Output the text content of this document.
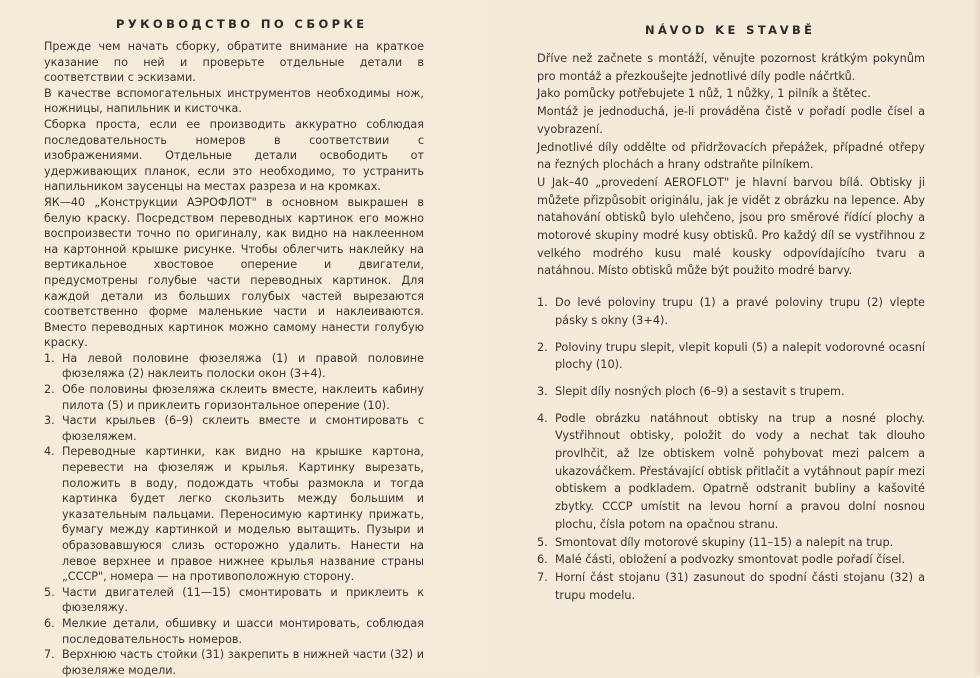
РУКОВОДСТВО ПО СБОРКЕ

Прежде чем начать сборку, обратите внимание на краткое указание по ней и проверьте отдельные детали в соответствии с эскизами.

В качестве вспомогательных инструментов необходимы нож, ножницы, напильник и кисточка.

Сборка проста, если ее производить аккуратно соблюдая последовательность номеров в соответствии с изображениями. Отдельные детали освободить от удерживающих планок, если это необходимо, то устранить напильником заусенцы на местах разреза и на кромках.

ЯК—40 „Конструкции АЭРОФЛОТ" в основном выкрашен в белую краску. Посредством переводных картинок его можно воспроизвести точно по оригиналу, как видно на наклеенном на картонной крышке рисунке. Чтобы облегчить наклейку на вертикальное хвостовое оперение и двигатели, предусмотрены голубые части переводных картинок. Для каждой детали из больших голубых частей вырезаются соответственно форме маленькие части и наклеиваются. Вместо переводных картинок можно самому нанести голубую краску.

1. На левой половине фюзеляжа (1) и правой половине фюзеляжа (2) наклеить полоски окон (3+4).
2. Обе половины фюзеляжа склеить вместе, наклеить кабину пилота (5) и приклеить горизонтальное оперение (10).
3. Части крыльев (6–9) склеить вместе и смонтировать с фюзеляжем.
4. Переводные картинки, как видно на крышке картона, перевести на фюзеляж и крылья. Картинку вырезать, положить в воду, подождать чтобы размокла и тогда картинка будет легко скользить между большим и указательным пальцами. Переносимую картинку прижать, бумагу между картинкой и моделью вытащить. Пузыри и образовавшуюся слизь осторожно удалить. Нанести на левое верхнее и правое нижнее крылья название страны „СССР", номера — на противоположную сторону.
5. Части двигателей (11—15) смонтировать и приклеить к фюзеляжу.
6. Мелкие детали, обшивку и шасси монтировать, соблюдая последовательность номеров.
7. Верхнюю часть стойки (31) закрепить в нижней части (32) и фюзеляже модели.
NÁVOD KE STAVBĚ

Dříve než začnete s montáží, věnujte pozornost krátkým pokynům pro montáž a přezkoušejte jednotlivé díly podle náčrtků.

Jako pomůcky potřebujete 1 nůž, 1 nůžky, 1 pilník a štětec.

Montáž je jednoduchá, je-li prováděna čistě v pořadí podle čísel a vyobrazení.

Jednotlivé díly oddělte od přidržovacích přepážek, případné otřepy na řezných plochách a hrany odstraňte pilníkem.

U Jak–40 „provedení AEROFLOT" je hlavní barvou bílá. Obtisky ji můžete přizpůsobit originálu, jak je vidět z obrázku na lepence. Aby natahování obtisků bylo ulehčeno, jsou pro směrové řídící plochy a motorové skupiny modré kusy obtisků. Pro každý díl se vystřihnou z velkého modrého kusu malé kousky odpovídajícího tvaru a natáhnou. Místo obtisků může být použito modré barvy.

1. Do levé poloviny trupu (1) a pravé poloviny trupu (2) vlepte pásky s okny (3+4).
2. Poloviny trupu slepit, vlepit kopuli (5) a nalepit vodorovné ocasní plochy (10).
3. Slepit díly nosných ploch (6–9) a sestavit s trupem.
4. Podle obrázku natáhnout obtisky na trup a nosné plochy. Vystřihnout obtisky, položit do vody a nechat tak dlouho provlhčit, až lze obtiskem volně pohybovat mezi palcem a ukazováčkem. Přestávající obtisk přitlačit a vytáhnout papír mezi obtiskem a podkladem. Opatrně odstranit bubliny a kašovité zbytky. CCCP umístit na levou horní a pravou dolní nosnou plochu, čísla potom na opačnou stranu.
5. Smontovat díly motorové skupiny (11–15) a nalepit na trup.
6. Malé části, obložení a podvozky smontovat podle pořadí čísel.
7. Horní část stojanu (31) zasunout do spodní části stojanu (32) a trupu modelu.
